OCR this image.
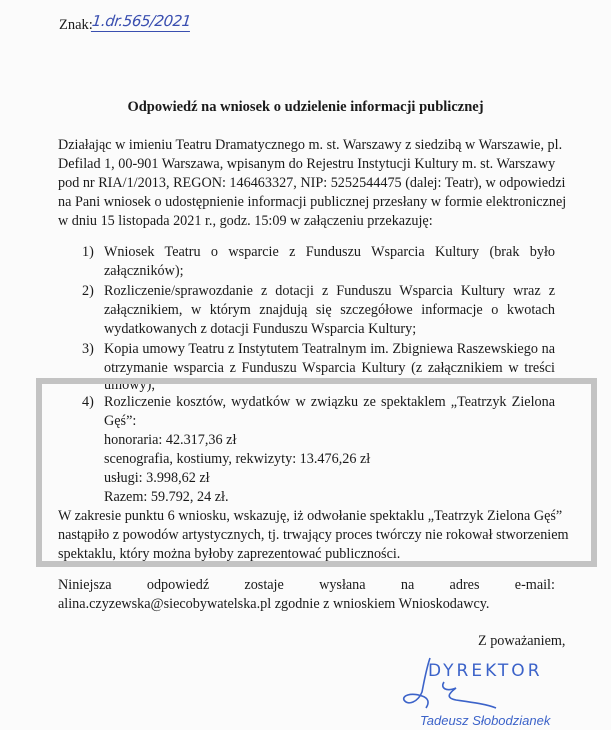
Znak:
1.dr.565/2021
Odpowiedź na wniosek o udzielenie informacji publicznej
Działając w imieniu Teatru Dramatycznego m. st. Warszawy z siedzibą w Warszawie, pl.
Defilad 1, 00-901 Warszawa, wpisanym do Rejestru Instytucji Kultury m. st. Warszawy
pod nr RIA/1/2013, REGON: 146463327, NIP: 5252544475 (dalej: Teatr), w odpowiedzi
na Pani wniosek o udostępnienie informacji publicznej przesłany w formie elektronicznej
w dniu 15 listopada 2021 r., godz. 15:09 w załączeniu przekazuję:
1) Wniosek Teatru o wsparcie z Funduszu Wsparcia Kultury (brak było
załączników);
2) Rozliczenie/sprawozdanie z dotacji z Funduszu Wsparcia Kultury wraz z
załącznikiem, w którym znajdują się szczegółowe informacje o kwotach
wydatkowanych z dotacji Funduszu Wsparcia Kultury;
3) Kopia umowy Teatru z Instytutem Teatralnym im. Zbigniewa Raszewskiego na
otrzymanie wsparcia z Funduszu Wsparcia Kultury (z załącznikiem w treści
umowy);
4) Rozliczenie kosztów, wydatków w związku ze spektaklem „Teatrzyk Zielona
Gęś”:
honoraria: 42.317,36 zł
scenografia, kostiumy, rekwizyty: 13.476,26 zł
usługi: 3.998,62 zł
Razem: 59.792, 24 zł.
W zakresie punktu 6 wniosku, wskazuję, iż odwołanie spektaklu „Teatrzyk Zielona Gęś”
nastąpiło z powodów artystycznych, tj. trwający proces twórczy nie rokował stworzeniem
spektaklu, który można byłoby zaprezentować publiczności.
Niniejsza odpowiedź zostaje wysłana na adres e-mail:
alina.czyzewska@siecobywatelska.pl zgodnie z wnioskiem Wnioskodawcy.
Z poważaniem,
DYREKTOR
Tadeusz Słobodzianek
